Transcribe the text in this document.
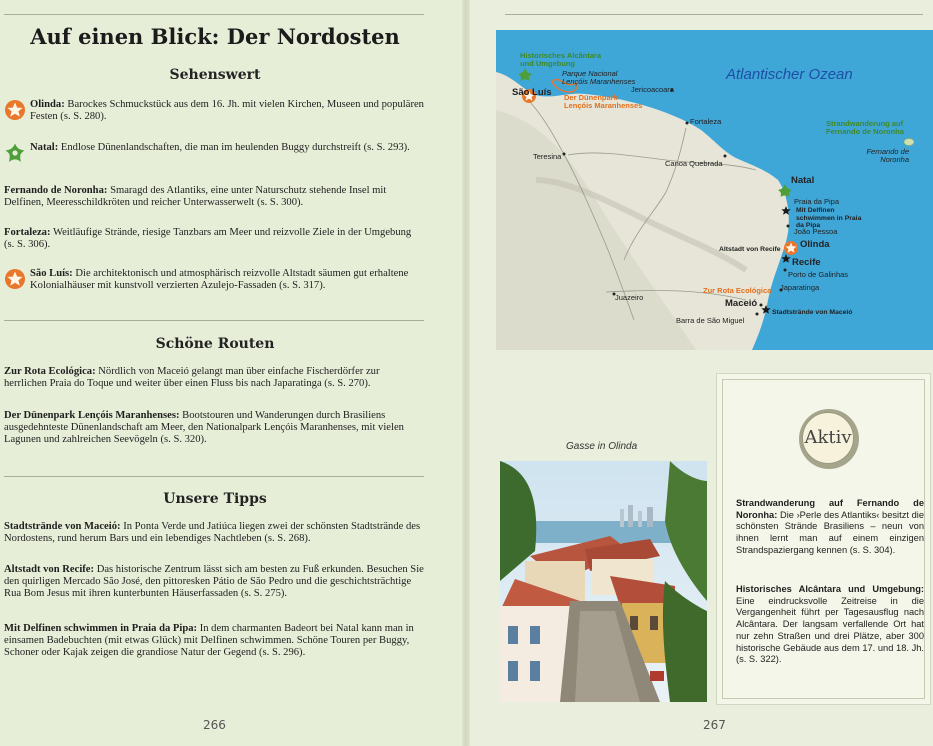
Auf einen Blick: Der Nordosten
Sehenswert
Olinda: Barockes Schmuckstück aus dem 16. Jh. mit vielen Kirchen, Museen und populären Festen (s. S. 280).
Natal: Endlose Dünenlandschaften, die man im heulenden Buggy durchstreift (s. S. 293).
Fernando de Noronha: Smaragd des Atlantiks, eine unter Naturschutz stehende Insel mit Delfinen, Meeresschildkröten und reicher Unterwasserwelt (s. S. 300).
Fortaleza: Weitläufige Strände, riesige Tanzbars am Meer und reizvolle Ziele in der Umgebung (s. S. 306).
São Luís: Die architektonisch und atmosphärisch reizvolle Altstadt säumen gut erhaltene Kolonialhäuser mit kunstvoll verzierten Azulejo-Fassaden (s. S. 317).
Schöne Routen
Zur Rota Ecológica: Nördlich von Maceió gelangt man über einfache Fischerdörfer zur herrlichen Praia do Toque und weiter über einen Fluss bis nach Japaratinga (s. S. 270).
Der Dünenpark Lençóis Maranhenses: Bootstouren und Wanderungen durch Brasiliens ausgedehnteste Dünenlandschaft am Meer, den Nationalpark Lençóis Maranhenses, mit vielen Lagunen und zahlreichen Seevögeln (s. S. 320).
Unsere Tipps
Stadtstrände von Maceió: In Ponta Verde und Jatiúca liegen zwei der schönsten Stadtstrände des Nordostens, rund herum Bars und ein lebendiges Nachtleben (s. S. 268).
Altstadt von Recife: Das historische Zentrum lässt sich am besten zu Fuß erkunden. Besuchen Sie den quirligen Mercado São José, den pittoresken Pátio de São Pedro und die geschichtsträchtige Rua Bom Jesus mit ihren kunterbunten Häuserfassaden (s. S. 275).
Mit Delfinen schwimmen in Praia da Pipa: In dem charmanten Badeort bei Natal kann man in einsamen Badebuchten (mit etwas Glück) mit Delfinen schwimmen. Schöne Touren per Buggy, Schoner oder Kajak zeigen die grandiose Natur der Gegend (s. S. 296).
266
Atlantischer Ozean
Historisches Alcântara und Umgebung
Parque Nacional Lençóis Maranhenses
São Luís	Jericoacoara
Der Dünenpark Lençóis Maranhenses
Fortaleza	Strandwanderung auf Fernando de Noronha
Fernando de Noronha
Teresina
Canoa Quebrada
Natal
Praia da Pipa
Mit Delfinen schwimmen in Praia da Pipa
João Pessoa
Altstadt von Recife Olinda
Recife
Porto de Galinhas
Zur Rota Ecológica Japaratinga
Juazeiro
Maceió
Barra de São Miguel
Stadtstrände von Maceió
Gasse in Olinda	Aktiv
Strandwanderung auf Fernando de Noronha: Die ›Perle des Atlantiks‹ besitzt die schönsten Strände Brasiliens – neun von ihnen lernt man auf einem einzigen Strandspaziergang kennen (s. S. 304).
Historisches Alcântara und Umgebung: Eine eindrucksvolle Zeitreise in die Vergangenheit führt per Tagesausflug nach Alcântara. Der langsam verfallende Ort hat nur zehn Straßen und drei Plätze, aber 300 historische Gebäude aus dem 17. und 18. Jh. (s. S. 322).
267
